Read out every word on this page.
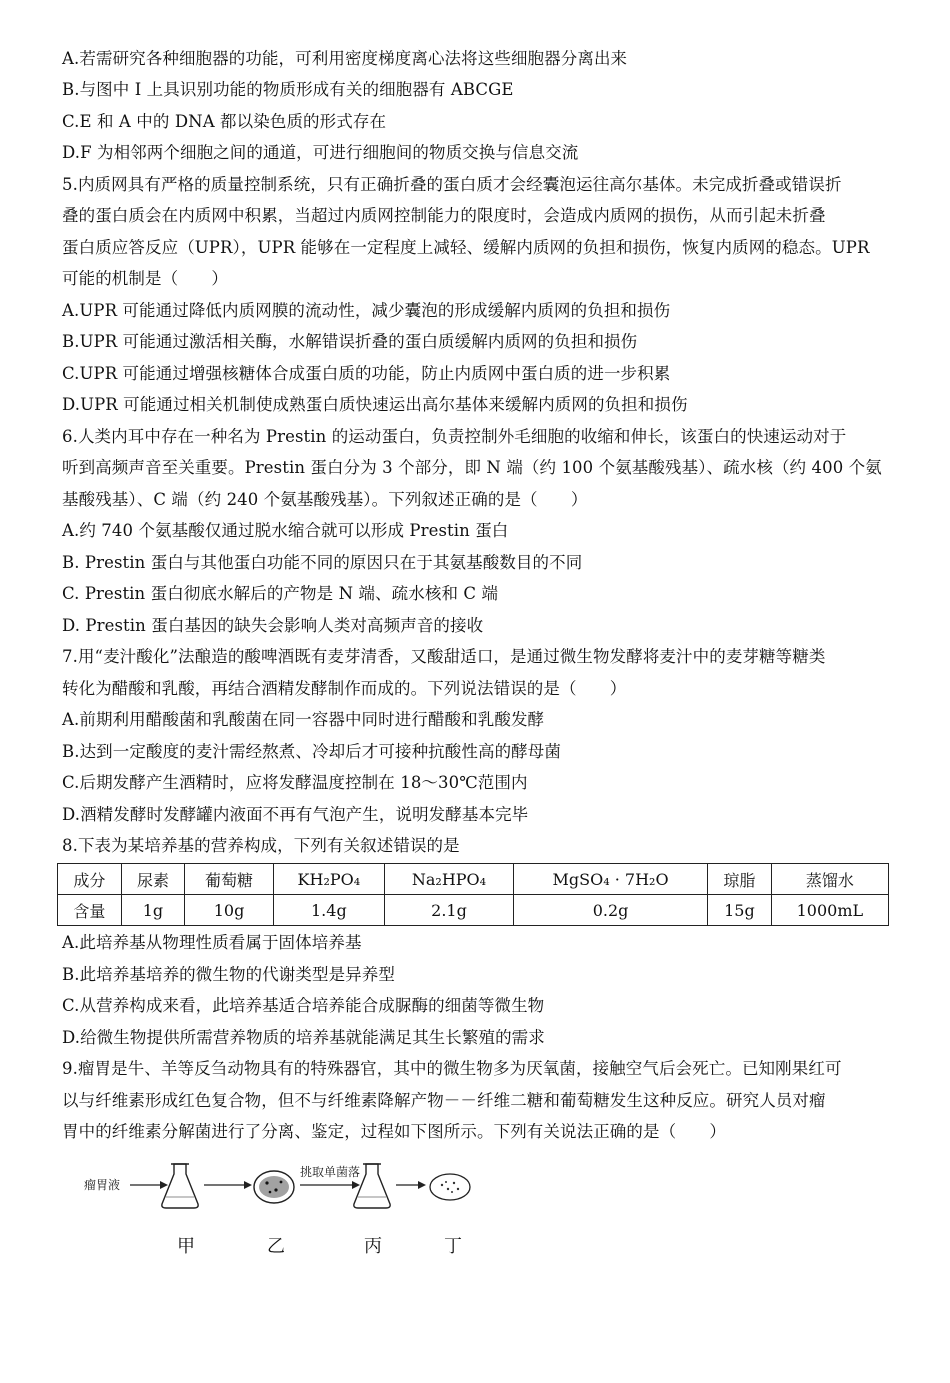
A.若需研究各种细胞器的功能，可利用密度梯度离心法将这些细胞器分离出来
B.与图中 I 上具识别功能的物质形成有关的细胞器有 ABCGE
C.E 和 A 中的 DNA 都以染色质的形式存在
D.F 为相邻两个细胞之间的通道，可进行细胞间的物质交换与信息交流
5.内质网具有严格的质量控制系统，只有正确折叠的蛋白质才会经囊泡运往高尔基体。未完成折叠或错误折
叠的蛋白质会在内质网中积累，当超过内质网控制能力的限度时，会造成内质网的损伤，从而引起未折叠
蛋白质应答反应（UPR），UPR 能够在一定程度上减轻、缓解内质网的负担和损伤，恢复内质网的稳态。UPR
可能的机制是（　　）
A.UPR 可能通过降低内质网膜的流动性，减少囊泡的形成缓解内质网的负担和损伤
B.UPR 可能通过激活相关酶，水解错误折叠的蛋白质缓解内质网的负担和损伤
C.UPR 可能通过增强核糖体合成蛋白质的功能，防止内质网中蛋白质的进一步积累
D.UPR 可能通过相关机制使成熟蛋白质快速运出高尔基体来缓解内质网的负担和损伤
6.人类内耳中存在一种名为 Prestin 的运动蛋白，负责控制外毛细胞的收缩和伸长，该蛋白的快速运动对于
听到高频声音至关重要。Prestin 蛋白分为 3 个部分，即 N 端（约 100 个氨基酸残基）、疏水核（约 400 个氨
基酸残基）、C 端（约 240 个氨基酸残基）。下列叙述正确的是（　　）
A.约 740 个氨基酸仅通过脱水缩合就可以形成 Prestin 蛋白
B. Prestin 蛋白与其他蛋白功能不同的原因只在于其氨基酸数目的不同
C. Prestin 蛋白彻底水解后的产物是 N 端、疏水核和 C 端
D. Prestin 蛋白基因的缺失会影响人类对高频声音的接收
7.用“麦汁酸化”法酿造的酸啤酒既有麦芽清香，又酸甜适口，是通过微生物发酵将麦汁中的麦芽糖等糖类
转化为醋酸和乳酸，再结合酒精发酵制作而成的。下列说法错误的是（　　）
A.前期利用醋酸菌和乳酸菌在同一容器中同时进行醋酸和乳酸发酵
B.达到一定酸度的麦汁需经熬煮、冷却后才可接种抗酸性高的酵母菌
C.后期发酵产生酒精时，应将发酵温度控制在 18～30℃范围内
D.酒精发酵时发酵罐内液面不再有气泡产生，说明发酵基本完毕
8.下表为某培养基的营养构成，下列有关叙述错误的是
成分	尿素	葡萄糖	KH₂PO₄	Na₂HPO₄	MgSO₄ · 7H₂O	琼脂	蒸馏水
含量	1g	10g	1.4g	2.1g	0.2g	15g	1000mL
A.此培养基从物理性质看属于固体培养基
B.此培养基培养的微生物的代谢类型是异养型
C.从营养构成来看，此培养基适合培养能合成脲酶的细菌等微生物
D.给微生物提供所需营养物质的培养基就能满足其生长繁殖的需求
9.瘤胃是牛、羊等反刍动物具有的特殊器官，其中的微生物多为厌氧菌，接触空气后会死亡。已知刚果红可
以与纤维素形成红色复合物，但不与纤维素降解产物－－纤维二糖和葡萄糖发生这种反应。研究人员对瘤
胃中的纤维素分解菌进行了分离、鉴定，过程如下图所示。下列有关说法正确的是（　　）
瘤胃液
挑取单菌落
甲	乙	丙	丁
